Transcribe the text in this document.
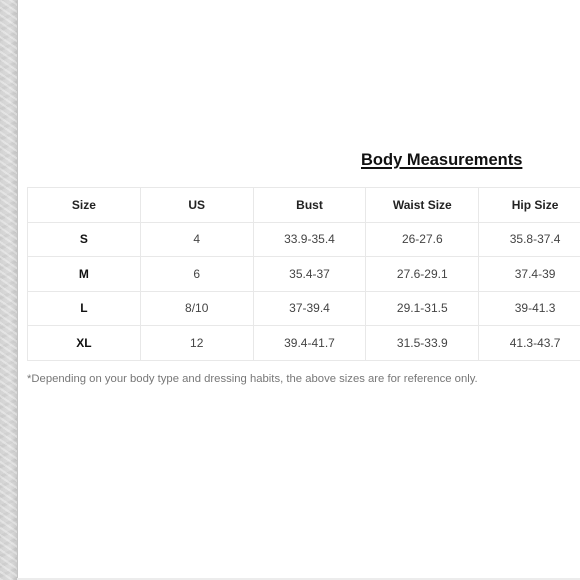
Body Measurements
Size	US	Bust	Waist Size	Hip Size
S	4	33.9-35.4	26-27.6	35.8-37.4
M	6	35.4-37	27.6-29.1	37.4-39
L	8/10	37-39.4	29.1-31.5	39-41.3
XL	12	39.4-41.7	31.5-33.9	41.3-43.7

*Depending on your body type and dressing habits, the above sizes are for reference only.
